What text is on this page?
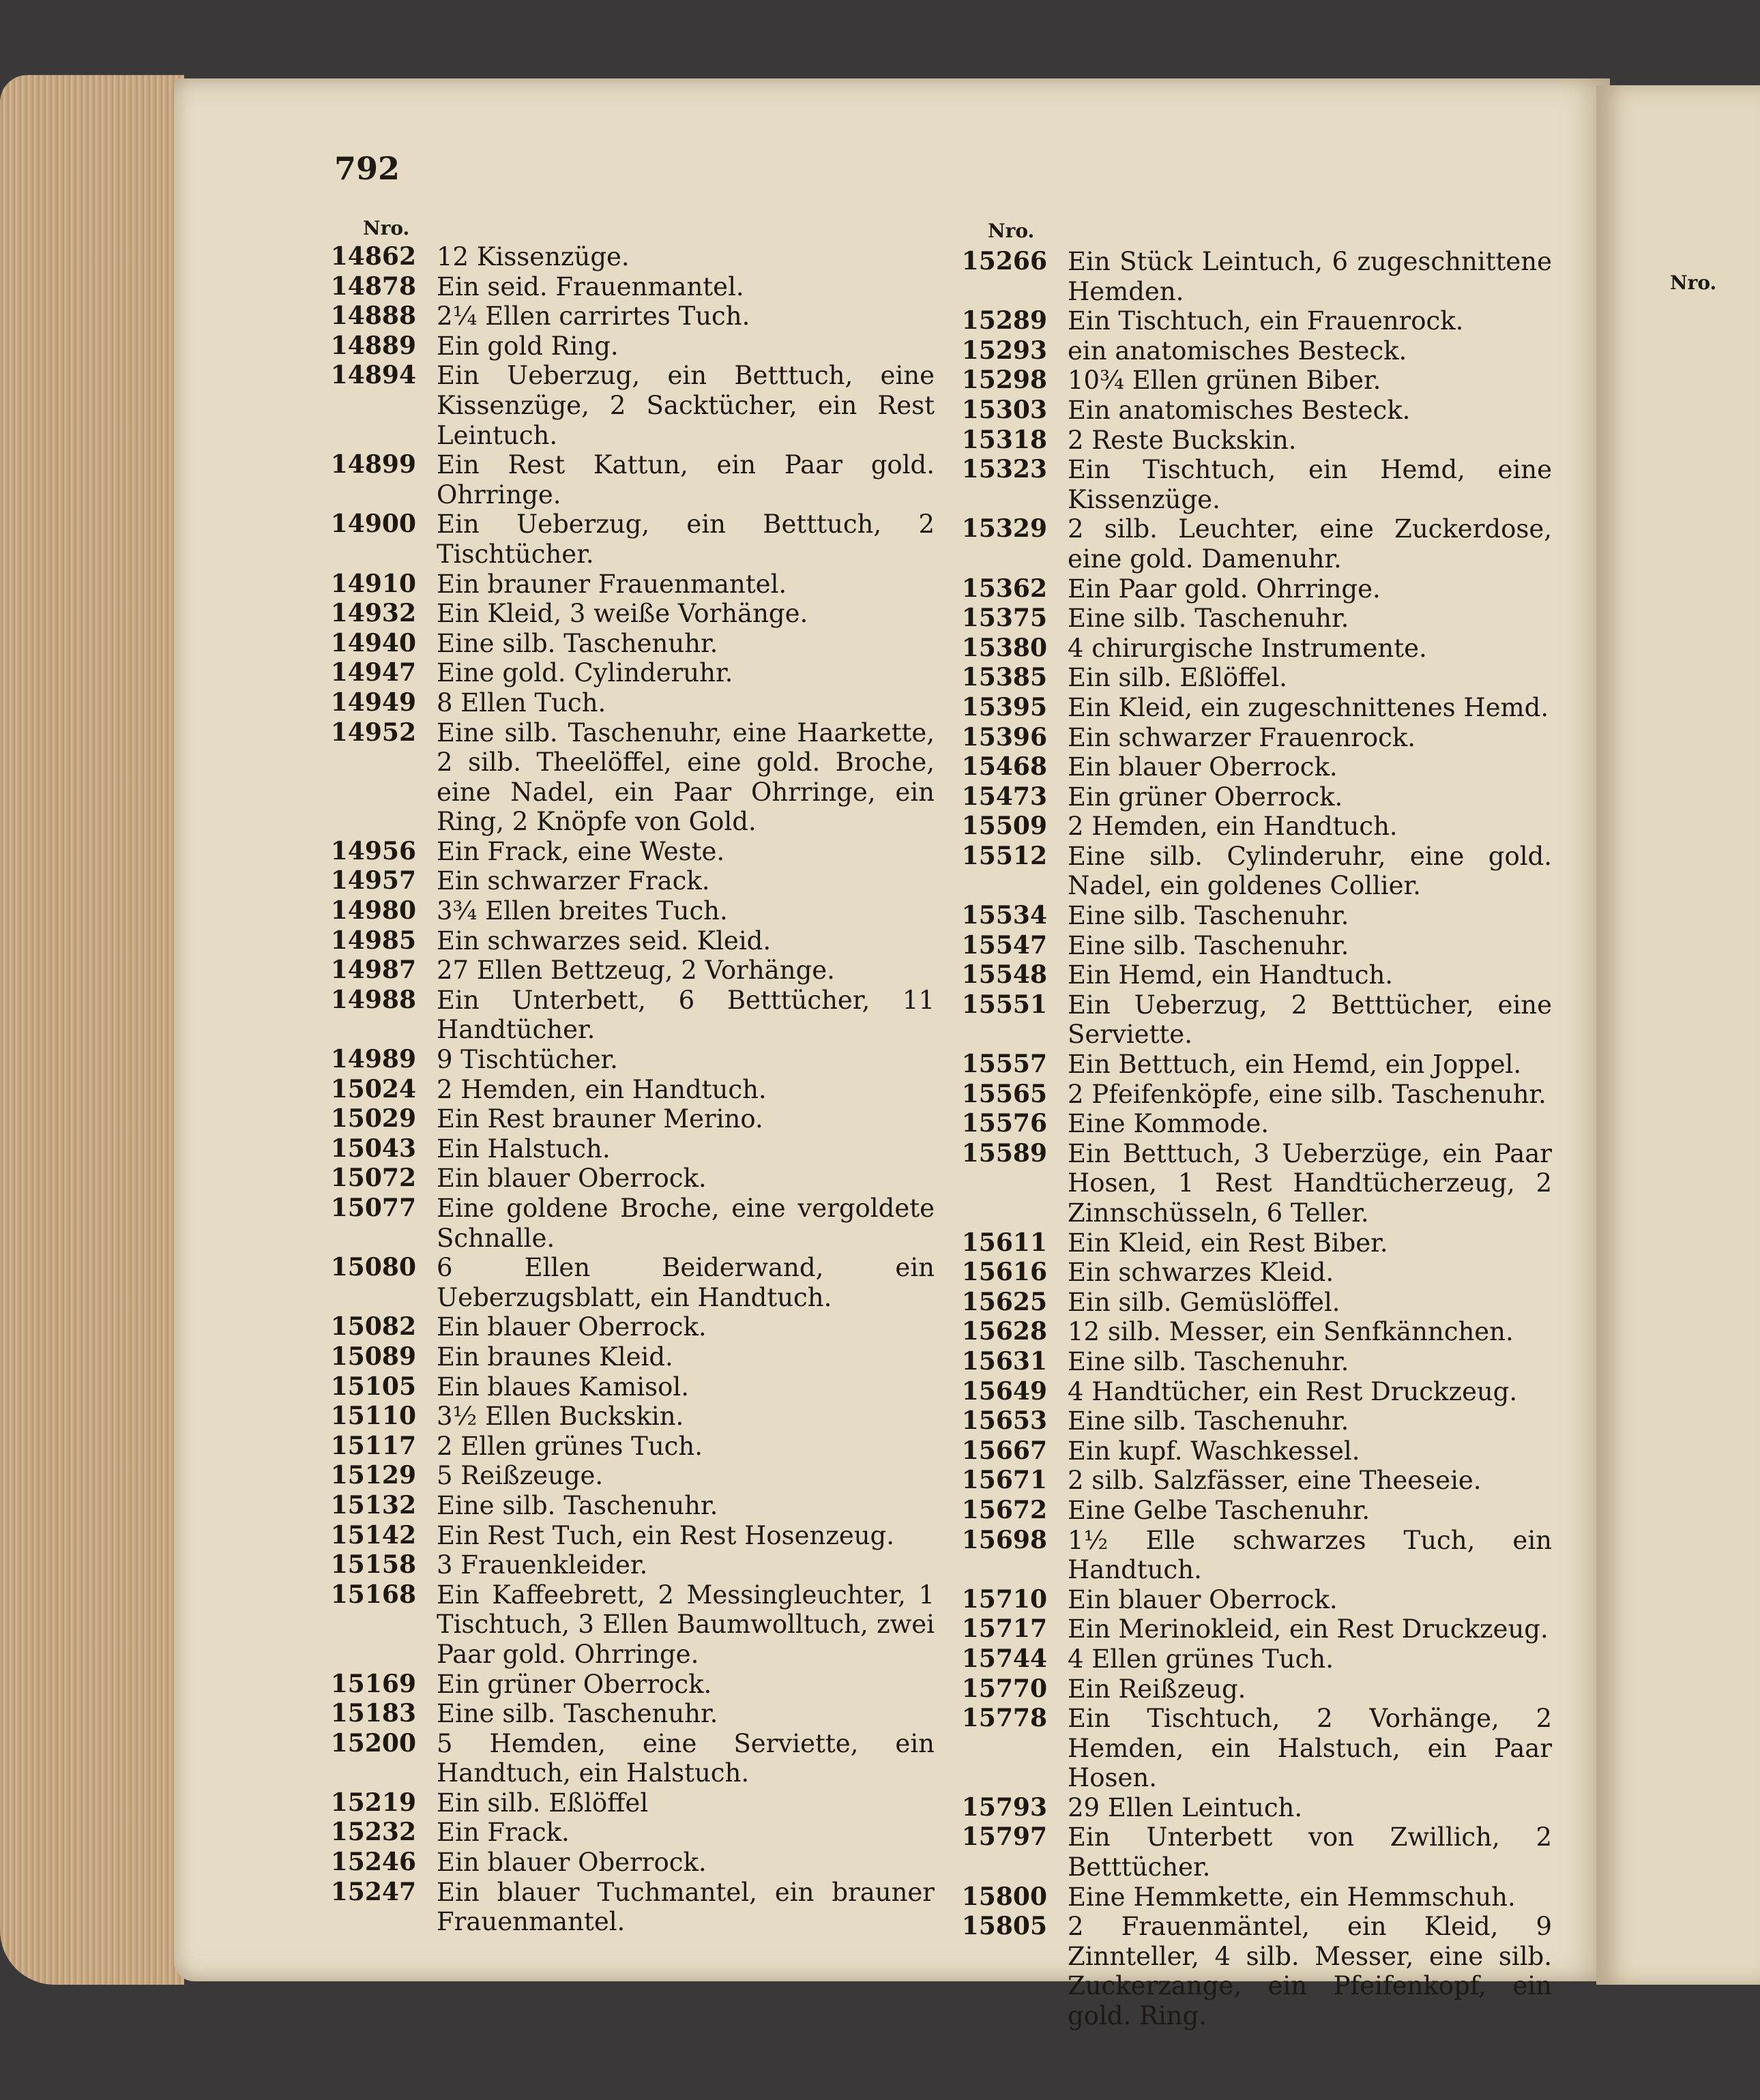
792
Nro.	Nro.
Nro.
14862 12 Kissenzüge.
14878 Ein seid. Frauenmantel.
14888 2¼ Ellen carrirtes Tuch.
14889 Ein gold Ring.
14894 Ein Ueberzug, ein Betttuch, eine Kissenzüge, 2 Sacktücher, ein Rest Leintuch.
14899 Ein Rest Kattun, ein Paar gold. Ohrringe.
14900 Ein Ueberzug, ein Betttuch, 2 Tischtücher.
14910 Ein brauner Frauenmantel.
14932 Ein Kleid, 3 weiße Vorhänge.
14940 Eine silb. Taschenuhr.
14947 Eine gold. Cylinderuhr.
14949 8 Ellen Tuch.
14952 Eine silb. Taschenuhr, eine Haarkette, 2 silb. Theelöffel, eine gold. Broche, eine Nadel, ein Paar Ohrringe, ein Ring, 2 Knöpfe von Gold.
14956 Ein Frack, eine Weste.
14957 Ein schwarzer Frack.
14980 3¾ Ellen breites Tuch.
14985 Ein schwarzes seid. Kleid.
14987 27 Ellen Bettzeug, 2 Vorhänge.
14988 Ein Unterbett, 6 Betttücher, 11 Handtücher.
14989 9 Tischtücher.
15024 2 Hemden, ein Handtuch.
15029 Ein Rest brauner Merino.
15043 Ein Halstuch.
15072 Ein blauer Oberrock.
15077 Eine goldene Broche, eine vergoldete Schnalle.
15080 6 Ellen Beiderwand, ein Ueberzugsblatt, ein Handtuch.
15082 Ein blauer Oberrock.
15089 Ein braunes Kleid.
15105 Ein blaues Kamisol.
15110 3½ Ellen Buckskin.
15117 2 Ellen grünes Tuch.
15129 5 Reißzeuge.
15132 Eine silb. Taschenuhr.
15142 Ein Rest Tuch, ein Rest Hosenzeug.
15158 3 Frauenkleider.
15168 Ein Kaffeebrett, 2 Messingleuchter, 1 Tischtuch, 3 Ellen Baumwolltuch, zwei Paar gold. Ohrringe.
15169 Ein grüner Oberrock.
15183 Eine silb. Taschenuhr.
15200 5 Hemden, eine Serviette, ein Handtuch, ein Halstuch.
15219 Ein silb. Eßlöffel
15232 Ein Frack.
15246 Ein blauer Oberrock.
15247 Ein blauer Tuchmantel, ein brauner Frauenmantel.
15266 Ein Stück Leintuch, 6 zugeschnittene Hemden.
15289 Ein Tischtuch, ein Frauenrock.
15293 ein anatomisches Besteck.
15298 10¾ Ellen grünen Biber.
15303 Ein anatomisches Besteck.
15318 2 Reste Buckskin.
15323 Ein Tischtuch, ein Hemd, eine Kissenzüge.
15329 2 silb. Leuchter, eine Zuckerdose, eine gold. Damenuhr.
15362 Ein Paar gold. Ohrringe.
15375 Eine silb. Taschenuhr.
15380 4 chirurgische Instrumente.
15385 Ein silb. Eßlöffel.
15395 Ein Kleid, ein zugeschnittenes Hemd.
15396 Ein schwarzer Frauenrock.
15468 Ein blauer Oberrock.
15473 Ein grüner Oberrock.
15509 2 Hemden, ein Handtuch.
15512 Eine silb. Cylinderuhr, eine gold. Nadel, ein goldenes Collier.
15534 Eine silb. Taschenuhr.
15547 Eine silb. Taschenuhr.
15548 Ein Hemd, ein Handtuch.
15551 Ein Ueberzug, 2 Betttücher, eine Serviette.
15557 Ein Betttuch, ein Hemd, ein Joppel.
15565 2 Pfeifenköpfe, eine silb. Taschenuhr.
15576 Eine Kommode.
15589 Ein Betttuch, 3 Ueberzüge, ein Paar Hosen, 1 Rest Handtücherzeug, 2 Zinnschüsseln, 6 Teller.
15611 Ein Kleid, ein Rest Biber.
15616 Ein schwarzes Kleid.
15625 Ein silb. Gemüslöffel.
15628 12 silb. Messer, ein Senfkännchen.
15631 Eine silb. Taschenuhr.
15649 4 Handtücher, ein Rest Druckzeug.
15653 Eine silb. Taschenuhr.
15667 Ein kupf. Waschkessel.
15671 2 silb. Salzfässer, eine Theeseie.
15672 Eine Gelbe Taschenuhr.
15698 1½ Elle schwarzes Tuch, ein Handtuch.
15710 Ein blauer Oberrock.
15717 Ein Merinokleid, ein Rest Druckzeug.
15744 4 Ellen grünes Tuch.
15770 Ein Reißzeug.
15778 Ein Tischtuch, 2 Vorhänge, 2 Hemden, ein Halstuch, ein Paar Hosen.
15793 29 Ellen Leintuch.
15797 Ein Unterbett von Zwillich, 2 Betttücher.
15800 Eine Hemmkette, ein Hemmschuh.
15805 2 Frauenmäntel, ein Kleid, 9 Zinnteller, 4 silb. Messer, eine silb. Zuckerzange, ein Pfeifenkopf, ein gold. Ring.
